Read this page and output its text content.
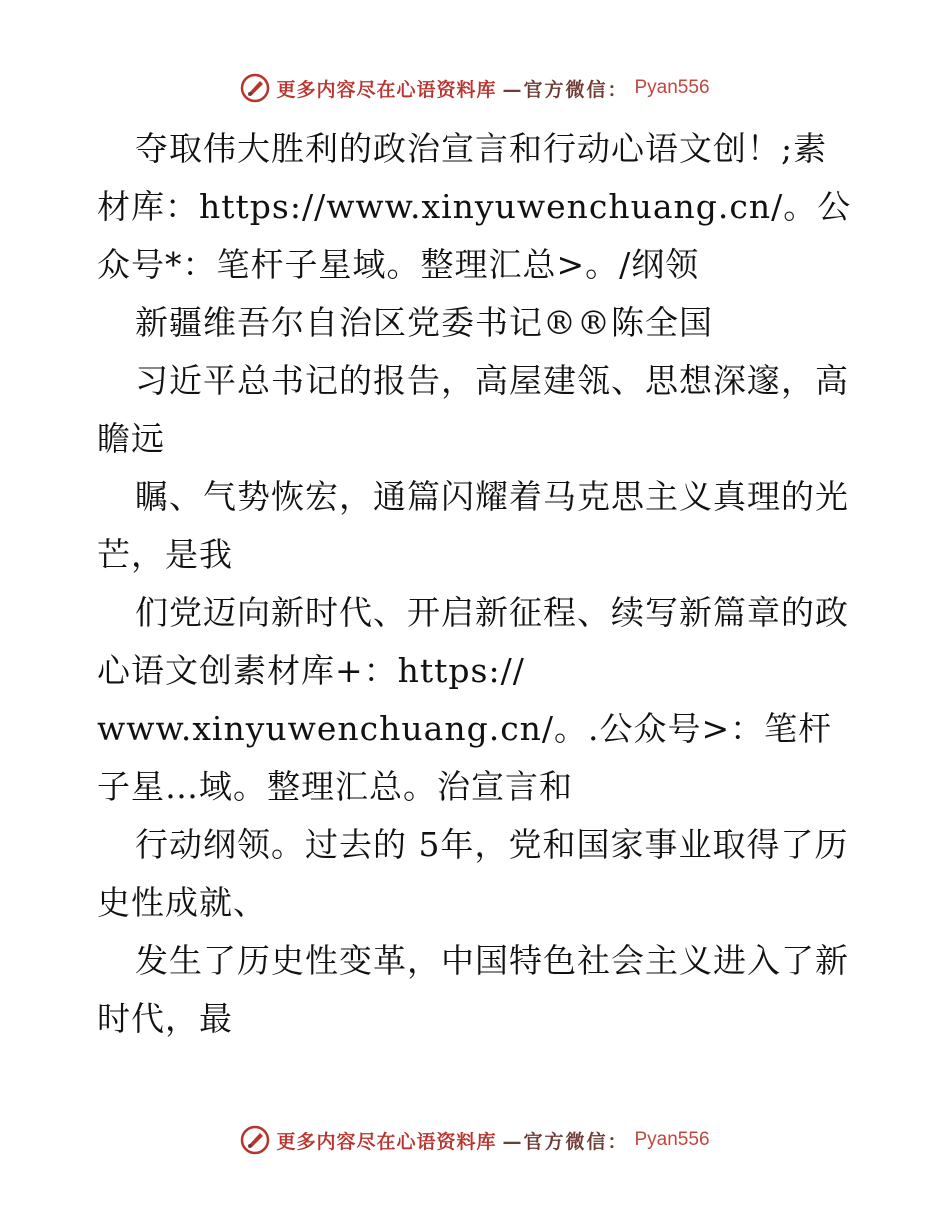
更多内容尽在心语资料库 —官方微信： Pyan556

夺取伟大胜利的政治宣言和行动心语文创！;素材库：https://www.xinyuwenchuang.cn/。公众号*：笔杆子星域。整理汇总>。/纲领

新疆维吾尔自治区党委书记®®陈全国

习近平总书记的报告，高屋建瓴、思想深邃，高瞻远

瞩、气势恢宏，通篇闪耀着马克思主义真理的光芒，是我

们党迈向新时代、开启新征程、续写新篇章的政心语文创素材库+：https://

www.xinyuwenchuang.cn/。.公众号>：笔杆子星…域。整理汇总。治宣言和

行动纲领。过去的 5年，党和国家事业取得了历史性成就、

发生了历史性变革，中国特色社会主义进入了新时代，最

更多内容尽在心语资料库 —官方微信： Pyan556
